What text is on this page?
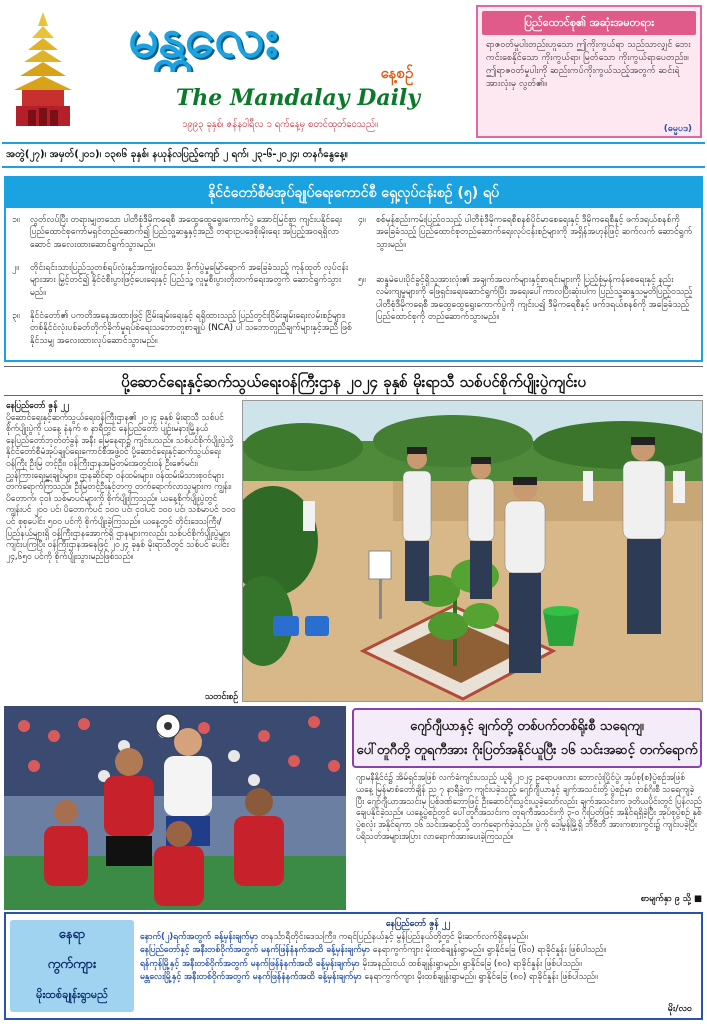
မန္တလေး
နေ့စဉ်
The Mandalay Daily
၁၉၉၃ ခုနှစ်၊ ဇန်နဝါရီလ ၁ ရက်နေ့မှ စတင်ထုတ်ဝေသည်။
ပြည်ထောင်စု၏ အဆုံးအမတရား
ရာဇဝတ်မှုပါးတည်းဟူသော ဤကိုးကွယ်ရာ သည်သာလျှင် ဘေးကင်းစေနိုင်သော ကိုးကွယ်ရာ၊ မြတ်သော ကိုးကွယ်ရာပေတည်း။ ဤရာဇဝတ်မှုပါးကို ဆည်းကပ်ကိုးကွယ်သည့်အတွက် ဆင်းရဲအားလုံးမှ လွတ်၏။
(ဓမ္မပဒ)
အတွဲ(၂၇)၊ အမှတ်(၂၀၁)၊ ၁၃၈၆ ခုနှစ်၊ နယုန်လပြည့်ကျော် ၂ ရက်၊ ၂၃-၆-၂၀၂၄၊ တနင်္ဂနွေနေ့။
နိုင်ငံတော်စီမံအုပ်ချုပ်ရေးကောင်စီ ရှေ့လုပ်ငန်းစဉ် (၅) ရပ်
၁။	လွတ်လပ်ပြီး တရားမျှတသော ပါတီစုံဒီမိုကရေစီ အထွေထွေရွေးကောက်ပွဲ အောင်မြင်စွာ ကျင်းပနိုင်ရေး ပြည်ထောင်စုကော်မရှင်တည်ဆောက်၍ ပြည်သူ့ဆန္ဒနှင့်အညီ တရားဥပဒေစိုးမိုးရေး အပြည့်အဝရရှိလာ ဆောင် အလေးထားဆောင်ရွက်သွားမည်။
၂။	တိုင်းရင်းသားပြည်သူတစ်ရပ်လုံးနှင့်အကျုံးဝင်သော ခိုက်ပွဲမှုမြော်ရောက် အခြေခံသည့် ကုန်ထုတ် လုပ်ငန်းများအား မြှင့်တင်၍ နိုင်ငံစီးပွားဖြင့်ပေးရေးနှင့် ပြည်သူ့ လူမှုစီးပွားတိုးတက်ရေးအတွက် ဆောင်ရွက်သွားမည်။
၃။	နိုင်ငံတော်၏ ပကတိအနေအထားဖြင့် ငြိမ်းချမ်းရေးနှင့် ရရှိထားသည့် ပြည်တွင်းငြိမ်းချမ်းရေးလမ်းစဉ်များ၊ တစ်နိုင်ငံလုံးပစ်ခတ်တိုက်ခိုက်မှုရပ်စဲရေးသဘောတူစာချုပ် (NCA) ပါ သဘောတူညီချက်များနှင့်အညီ ဖြစ်နိုင်သမျှ အလေးထားလုပ်ဆောင်သွားမည်။
၄။	စစ်မှန်စည်းကမ်းပြည့်ဝသည့် ပါတီစုံဒီမိုကရေစီစနစ်ပိုင်မာစေရေးနှင့် ဒီမိုကရေစီနှင့် ဖက်ဒရယ်စနစ်ကို အခြေခံသည့် ပြည်ထောင်စုတည်ဆောက်ရေးလုပ်ငန်းစဉ်များကို အရှိန်အဟုန်ဖြင့် ဆက်လက် ဆောင်ရွက်သွားမည်။
၅။	ဆန္ဒမဲပေးပိုင်ခွင့်ရှိသူအားလုံး၏ အချက်အလက်များနှင့်စာရင်းများကို ပြည့်စုံမှန်ကန်စေရေးနှင့် နည်းလမ်းကျမှုများကို ဖြေရှင်းရေးဆောင်ရွက်ပြီး အရေးပေါ်ကာလပြီးဆုံးပါက ပြည်သူ့ဆန္ဒသမ္မတိပြည့်ဝသည့် ပါတီစုံဒီမိုကရေစီ အထွေထွေရွေးကောက်ပွဲကို ကျင်းပ၍ ဒီမိုကရေစီနှင့် ဖက်ဒရယ်စနစ်ကို အခြေခံသည့် ပြည်ထောင်စုကို တည်ဆောက်သွားမည်။
ပို့ဆောင်ရေးနှင့်ဆက်သွယ်ရေးဝန်ကြီးဌာန ၂၀၂၄ ခုနှစ် မိုးရာသီ သစ်ပင်စိုက်ပျိုးပွဲကျင်းပ
နေပြည်တော် ဇွန် ၂၂
ပို့ဆောင်ရေးနှင့်ဆက်သွယ်ရေးဝန်ကြီးဌာန၏ ၂၀၂၄ ခုနှစ် မိုးရာသီ သစ်ပင်စိုက်ပျိုးပွဲကို ယနေ့ နံနက် ၈ နာရီတွင် နေပြည်တော် ပျဉ်းမနားမြို့နယ် နေပြည်တော်ဘုတ်တံခွန် အနီး မြေနေရာ၌ ကျင်းပသည်။ သစ်ပင်စိုက်ပျိုးပွဲသို့ နိုင်ငံတော်စီမံအုပ်ချုပ်ရေးကောင်စီအဖွဲ့ဝင် ပို့ဆောင်ရေးနှင့်ဆက်သွယ်ရေးဝန်ကြီး ဦးမြ တင့်ဦး၊ ဝန်ကြီးဌာနအမြဲတမ်းအတွင်းဝန် ဦးဇော်မင်း၊ ညွှန်ကြားရေးမှူးချုပ်များ၊ ဌာနဆိုင်ရာ ဝန်ထမ်းများ၊ ဝန်ထမ်းမိသားစုဝင်များ တက်ရောက်ကြသည်။ ဦးမြတင့်ဦးနှင့်တကွ တက်ရောက်လာသူများက ကျွန်း၊ ပိတောက်၊ ငုဝါ၊ သစ်မာပင်များကို စိုက်ပျိုးကြသည်။ ယနေ့စိုက်ပျိုးပွဲတွင် ကျွန်းပင် ၂၀၀ ပင်၊ ပိတောက်ပင် ၁၀၀ ပင်၊ ငုဝါပင် ၁၀၀ ပင်၊ သစ်မာပင် ၁၀၀ ပင် စုစုပေါင်း ၅၀၀ ပင်ကို စိုက်ပျိုးခဲ့ကြသည်။ ယနေ့တွင် တိုင်းဒေသကြီး/ပြည်နယ်များရှိ ဝန်ကြီးဌာနအောက်ရှိ ဌာနများကလည်း သစ်ပင်စိုက်ပျိုးပွဲများ ကျင်းပကြပြီး ဝန်ကြီးဌာနအနေဖြင့် ၂၀၂၄ ခုနှစ် မိုးရာသီတွင် သစ်ပင် ပေါင်း ၂၄,၆၅၀ ပင်ကို စိုက်ပျိုးသွားမည်ဖြစ်သည်။
သတင်းစဉ်
ဂျော်ဂျီယာနှင့် ချက်တို့ တစ်ပက်တစ်ရိုးစီ သရေကျ၊
ပေါ်တူဂီတို့ တူရကီအား ဂိုးပြတ်အနိုင်ယူပြီး ၁၆ သင်းအဆင့် တက်ရောက်
ဂျာမနီနိုင်ငံ၌ အိမ်ရှင်အဖြစ် လက်ခံကျင်းပသည့် ယူရို ၂၀၂၄ ဥရောပဖလား ဘောလုံးပြိုင်ပွဲ၊ အုပ်စု(စ)ပွဲစဉ်အဖြစ် ယနေ့ မြန်မာစံတော်ချိန် ည ၇ နာရီခွဲက ကျင်းပခဲ့သည့် ဂျော်ဂျီယာနှင့် ချက်အသင်းတို့ ပွဲစဉ်မှာ တစ်ဂိုးစီ သရေကျခဲ့ပြီး ဂျော်ဂျီယာအသင်းမှ ပြစ်ဒဏ်ဘောဖြင့် ဦးဆောင်ဂိုးသွင်းယူခဲ့သော်လည်း ချက်အသင်းက ဒုတိယပိုင်းတွင် ပြန်လည်ချေပနိုင်ခဲ့သည်။ ယနေ့ပွဲစဉ်တွင် ပေါ်တူဂီအသင်းက တူရကီအသင်းကို ၃-၀ ဂိုးပြတ်ဖြင့် အနိုင်ရရှိခဲ့ပြီး အုပ်စုပွဲစဉ် နှစ်ပွဲစလုံး အနိုင်ရကာ ၁၆ သင်းအဆင့်သို့ တက်ရောက်ခဲ့သည်။ ပွဲကို ဒေါ့မွန်မြို့ရှိ ဘီဗီဘီ အားကစားကွင်း၌ ကျင်းပခဲ့ပြီး ပရိသတ်အများအပြား လာရောက်အားပေးခဲ့ကြသည်။
စာမျက်နှာ ၉ သို့ ■
နေရာ
ကွက်ကျား
မိုးထစ်ချုန်းရွာမည်
နေပြည်တော် ဇွန် ၂၂
နောက်(၂)ရက်အတွက် ခန့်မှန်းချက်မှာ တနင်္သာရီတိုင်းဒေသကြီး၊ ကရင်ပြည်နယ်နှင့် မွန်ပြည်နယ်တို့တွင် မိုးဆက်လက်ရှိနေမည်။
နေပြည်တော်နှင့် အနီးတစ်ဝိုက်အတွက် မနက်ဖြန်နံနက်အထိ ခန့်မှန်းချက်မှာ နေရာကွက်ကျား မိုးထစ်ချုန်းရွာမည်။ ရွာနိုင်ခြေ (၆၀) ရာခိုင်နှုန်း ဖြစ်ပါသည်။
ရန်ကုန်မြို့နှင့် အနီးတစ်ဝိုက်အတွက် မနက်ဖြန်နံနက်အထိ ခန့်မှန်းချက်မှာ မိုးအနည်းငယ် ထစ်ချုန်းရွာမည်။ ရွာနိုင်ခြေ (၈၀) ရာခိုင်နှုန်း ဖြစ်ပါသည်။
မန္တလေးမြို့နှင့် အနီးတစ်ဝိုက်အတွက် မနက်ဖြန်နံနက်အထိ ခန့်မှန်းချက်မှာ နေရာကွက်ကျား မိုးထစ်ချုန်းရွာမည်။ ရွာနိုင်ခြေ (၈၀) ရာခိုင်နှုန်း ဖြစ်ပါသည်။
မိုး/လ၀
